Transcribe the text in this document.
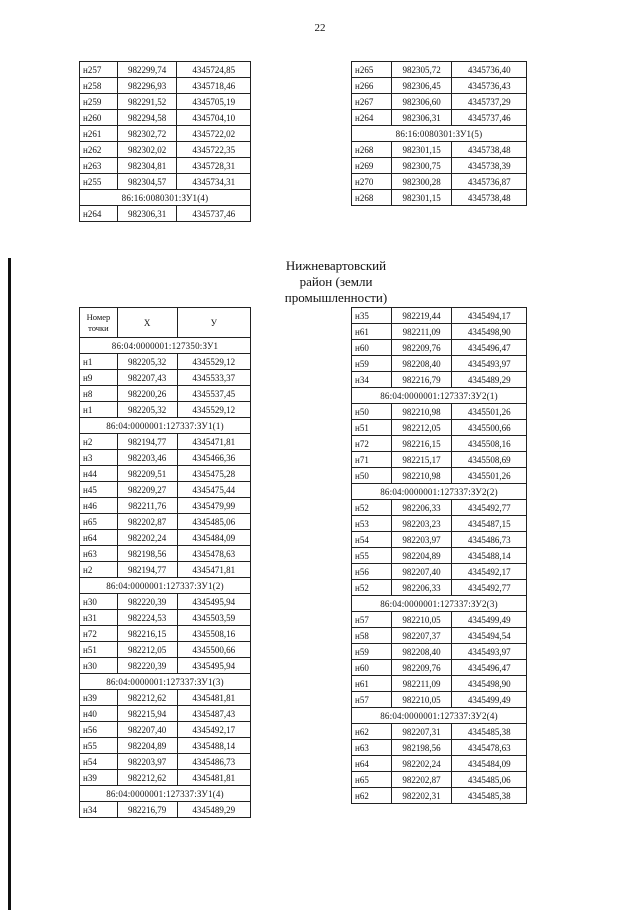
22
Нижневартовский
район (земли
промышленности)
н257	982299,74	4345724,85
н258	982296,93	4345718,46
н259	982291,52	4345705,19
н260	982294,58	4345704,10
н261	982302,72	4345722,02
н262	982302,02	4345722,35
н263	982304,81	4345728,31
н255	982304,57	4345734,31
86:16:0080301:ЗУ1(4)		
н264	982306,31	4345737,46
н265	982305,72	4345736,40
н266	982306,45	4345736,43
н267	982306,60	4345737,29
н264	982306,31	4345737,46
86:16:0080301:ЗУ1(5)		
н268	982301,15	4345738,48
н269	982300,75	4345738,39
н270	982300,28	4345736,87
н268	982301,15	4345738,48
Номер точки	Х	У
86:04:0000001:127350:ЗУ1		
н1	982205,32	4345529,12
н9	982207,43	4345533,37
н8	982200,26	4345537,45
н1	982205,32	4345529,12
86:04:0000001:127337:ЗУ1(1)		
н2	982194,77	4345471,81
н3	982203,46	4345466,36
н44	982209,51	4345475,28
н45	982209,27	4345475,44
н46	982211,76	4345479,99
н65	982202,87	4345485,06
н64	982202,24	4345484,09
н63	982198,56	4345478,63
н2	982194,77	4345471,81
86:04:0000001:127337:ЗУ1(2)		
н30	982220,39	4345495,94
н31	982224,53	4345503,59
н72	982216,15	4345508,16
н51	982212,05	4345500,66
н30	982220,39	4345495,94
86:04:0000001:127337:ЗУ1(3)		
н39	982212,62	4345481,81
н40	982215,94	4345487,43
н56	982207,40	4345492,17
н55	982204,89	4345488,14
н54	982203,97	4345486,73
н39	982212,62	4345481,81
86:04:0000001:127337:ЗУ1(4)		
н34	982216,79	4345489,29
н35	982219,44	4345494,17
н61	982211,09	4345498,90
н60	982209,76	4345496,47
н59	982208,40	4345493,97
н34	982216,79	4345489,29
86:04:0000001:127337:ЗУ2(1)		
н50	982210,98	4345501,26
н51	982212,05	4345500,66
н72	982216,15	4345508,16
н71	982215,17	4345508,69
н50	982210,98	4345501,26
86:04:0000001:127337:ЗУ2(2)		
н52	982206,33	4345492,77
н53	982203,23	4345487,15
н54	982203,97	4345486,73
н55	982204,89	4345488,14
н56	982207,40	4345492,17
н52	982206,33	4345492,77
86:04:0000001:127337:ЗУ2(3)		
н57	982210,05	4345499,49
н58	982207,37	4345494,54
н59	982208,40	4345493,97
н60	982209,76	4345496,47
н61	982211,09	4345498,90
н57	982210,05	4345499,49
86:04:0000001:127337:ЗУ2(4)		
н62	982207,31	4345485,38
н63	982198,56	4345478,63
н64	982202,24	4345484,09
н65	982202,87	4345485,06
н62	982202,31	4345485,38
